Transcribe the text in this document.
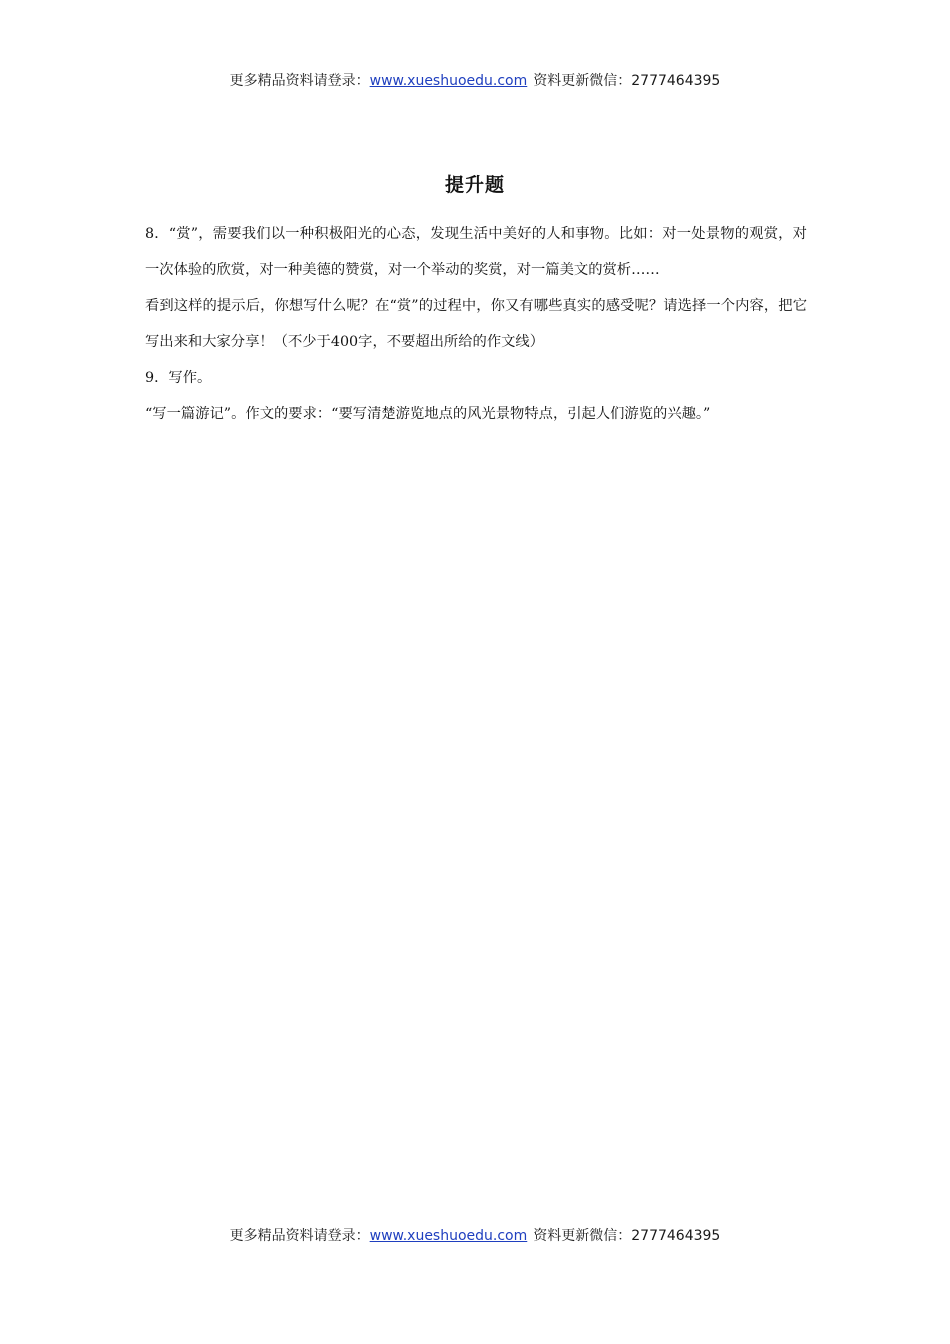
更多精品资料请登录：www.xueshuoedu.com 资料更新微信：2777464395
提升题

8．“赏”，需要我们以一种积极阳光的心态，发现生活中美好的人和事物。比如：对一处景物的观赏，对一次体验的欣赏，对一种美德的赞赏，对一个举动的奖赏，对一篇美文的赏析……

看到这样的提示后，你想写什么呢？在“赏”的过程中，你又有哪些真实的感受呢？请选择一个内容，把它写出来和大家分享！（不少于400字，不要超出所给的作文线）

9．写作。

“写一篇游记”。作文的要求：“要写清楚游览地点的风光景物特点，引起人们游览的兴趣。”

更多精品资料请登录：www.xueshuoedu.com 资料更新微信：2777464395
